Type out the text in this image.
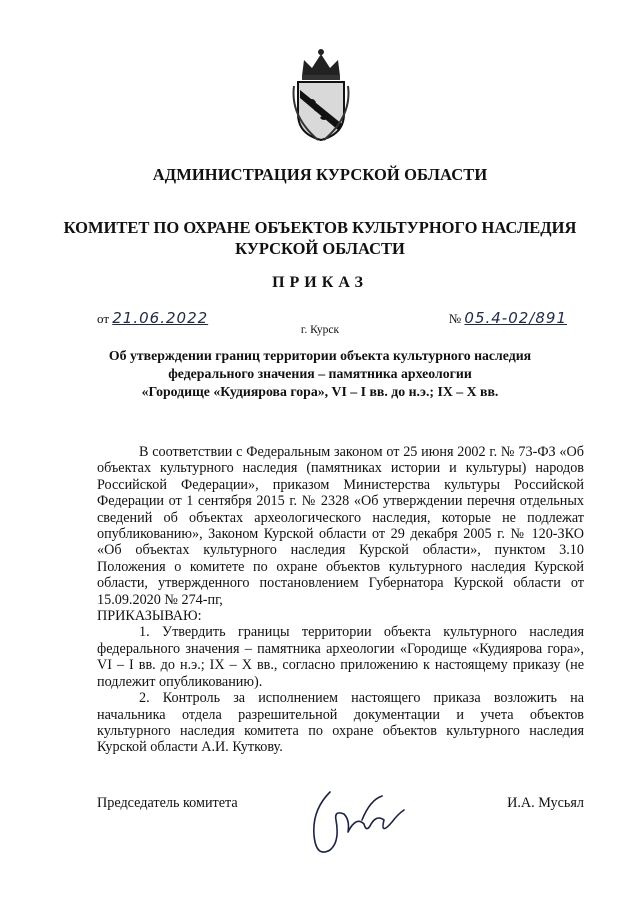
АДМИНИСТРАЦИЯ КУРСКОЙ ОБЛАСТИ
КОМИТЕТ ПО ОХРАНЕ ОБЪЕКТОВ КУЛЬТУРНОГО НАСЛЕДИЯ
КУРСКОЙ ОБЛАСТИ
ПРИКАЗ
от 21.06.2022	№ 05.4-02/891
г. Курск
Об утверждении границ территории объекта культурного наследия
федерального значения – памятника археологии
«Городище «Кудиярова гора», VI – I вв. до н.э.; IX – X вв.

В соответствии с Федеральным законом от 25 июня 2002 г. № 73-ФЗ «Об объектах культурного наследия (памятниках истории и культуры) народов Российской Федерации», приказом Министерства культуры Российской Федерации от 1 сентября 2015 г. № 2328 «Об утверждении перечня отдельных сведений об объектах археологического наследия, которые не подлежат опубликованию», Законом Курской области от 29 декабря 2005 г. № 120-ЗКО «Об объектах культурного наследия Курской области», пунктом 3.10 Положения о комитете по охране объектов культурного наследия Курской области, утвержденного постановлением Губернатора Курской области от 15.09.2020 № 274-пг,

ПРИКАЗЫВАЮ:

1. Утвердить границы территории объекта культурного наследия федерального значения – памятника археологии «Городище «Кудиярова гора», VI – I вв. до н.э.; IX – X вв., согласно приложению к настоящему приказу (не подлежит опубликованию).

2. Контроль за исполнением настоящего приказа возложить на начальника отдела разрешительной документации и учета объектов культурного наследия комитета по охране объектов культурного наследия Курской области А.И. Куткову.

Председатель комитета	И.А. Мусьял
